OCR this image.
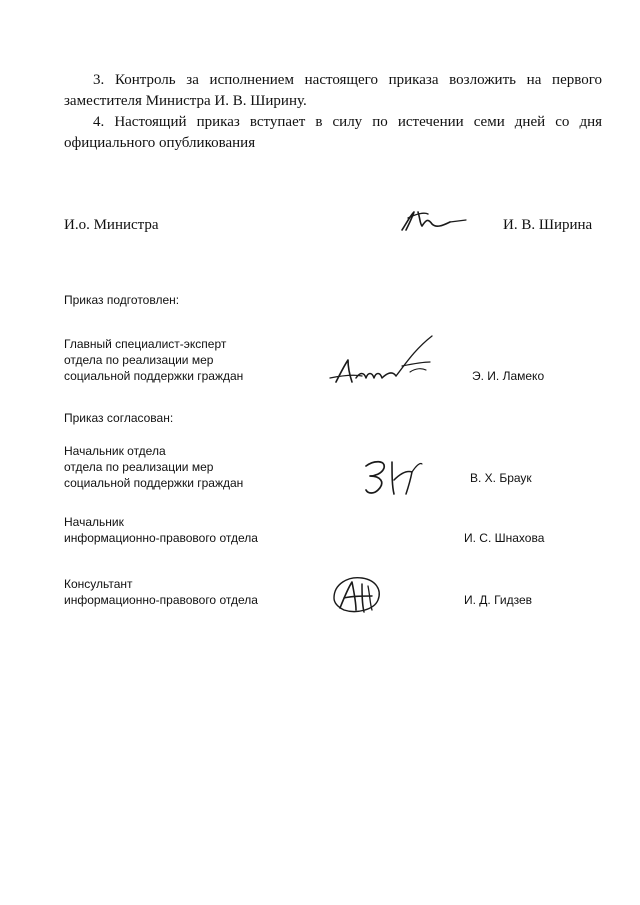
3. Контроль за исполнением настоящего приказа возложить на первого
заместителя Министра И. В. Ширину.
4. Настоящий приказ вступает в силу по истечении семи дней со дня
официального опубликования
И.о. Министра	И. В. Ширина
Приказ подготовлен:
Главный специалист-эксперт
отдела по реализации мер
социальной поддержки граждан	Э. И. Ламеко
Приказ согласован:
Начальник отдела
отдела по реализации мер
социальной поддержки граждан	В. Х. Браук
Начальник
информационно-правового отдела	И. С. Шнахова
Консультант
информационно-правового отдела	И. Д. Гидзев
